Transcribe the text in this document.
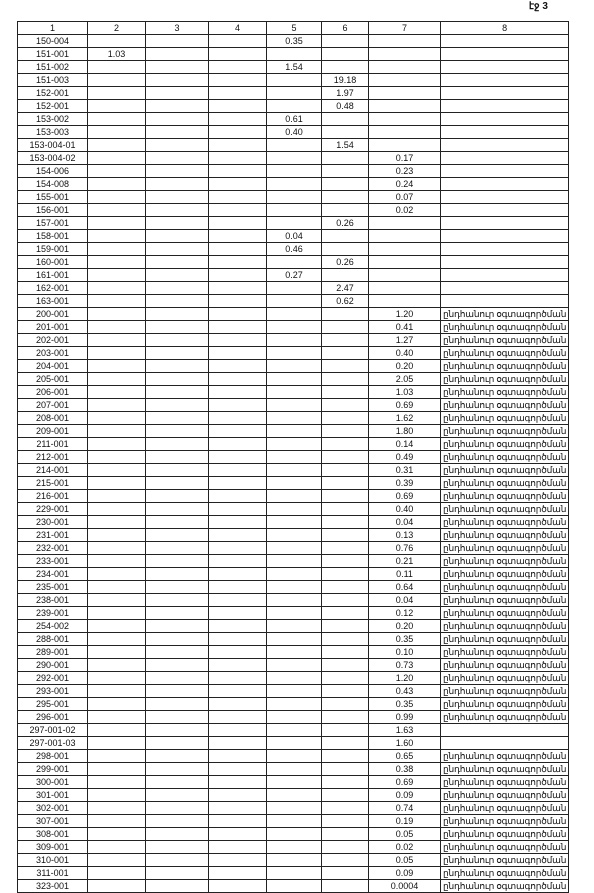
էջ 3
1	2	3	4	5	6	7	8
150-004				0.35			
151-001	1.03						
151-002				1.54			
151-003					19.18		
152-001					1.97		
152-001					0.48		
153-002				0.61			
153-003				0.40			
153-004-01					1.54		
153-004-02						0.17	
154-006						0.23	
154-008						0.24	
155-001						0.07	
156-001						0.02	
157-001					0.26		
158-001				0.04			
159-001				0.46			
160-001					0.26		
161-001				0.27			
162-001					2.47		
163-001					0.62		
200-001						1.20	ընդհանուր օգտագործման
201-001						0.41	ընդհանուր օգտագործման
202-001						1.27	ընդհանուր օգտագործման
203-001						0.40	ընդհանուր օգտագործման
204-001						0.20	ընդհանուր օգտագործման
205-001						2.05	ընդհանուր օգտագործման
206-001						1.03	ընդհանուր օգտագործման
207-001						0.69	ընդհանուր օգտագործման
208-001						1.62	ընդհանուր օգտագործման
209-001						1.80	ընդհանուր օգտագործման
211-001						0.14	ընդհանուր օգտագործման
212-001						0.49	ընդհանուր օգտագործման
214-001						0.31	ընդհանուր օգտագործման
215-001						0.39	ընդհանուր օգտագործման
216-001						0.69	ընդհանուր օգտագործման
229-001						0.40	ընդհանուր օգտագործման
230-001						0.04	ընդհանուր օգտագործման
231-001						0.13	ընդհանուր օգտագործման
232-001						0.76	ընդհանուր օգտագործման
233-001						0.21	ընդհանուր օգտագործման
234-001						0.11	ընդհանուր օգտագործման
235-001						0.64	ընդհանուր օգտագործման
238-001						0.04	ընդհանուր օգտագործման
239-001						0.12	ընդհանուր օգտագործման
254-002						0.20	ընդհանուր օգտագործման
288-001						0.35	ընդհանուր օգտագործման
289-001						0.10	ընդհանուր օգտագործման
290-001						0.73	ընդհանուր օգտագործման
292-001						1.20	ընդհանուր օգտագործման
293-001						0.43	ընդհանուր օգտագործման
295-001						0.35	ընդհանուր օգտագործման
296-001						0.99	ընդհանուր օգտագործման
297-001-02						1.63	
297-001-03						1.60	
298-001						0.65	ընդհանուր օգտագործման
299-001						0.38	ընդհանուր օգտագործման
300-001						0.69	ընդհանուր օգտագործման
301-001						0.09	ընդհանուր օգտագործման
302-001						0.74	ընդհանուր օգտագործման
307-001						0.19	ընդհանուր օգտագործման
308-001						0.05	ընդհանուր օգտագործման
309-001						0.02	ընդհանուր օգտագործման
310-001						0.05	ընդհանուր օգտագործման
311-001						0.09	ընդհանուր օգտագործման
323-001						0.0004	ընդհանուր օգտագործման
